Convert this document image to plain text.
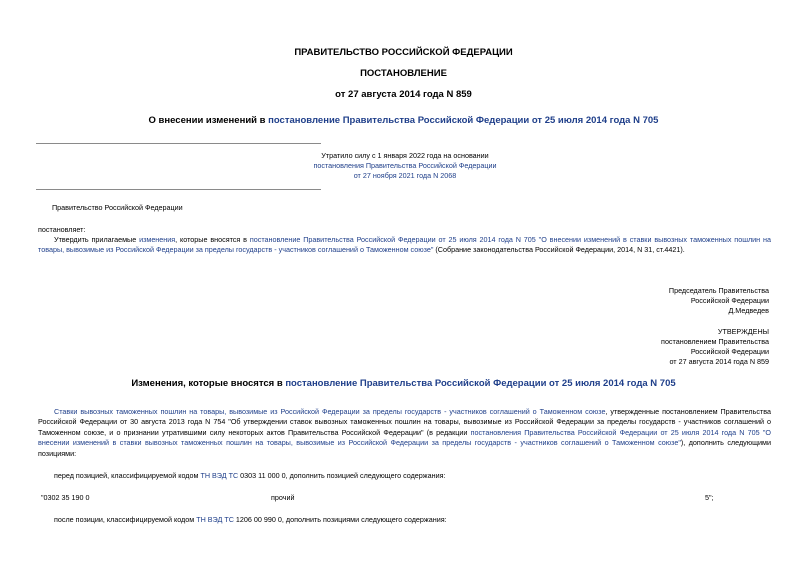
ПРАВИТЕЛЬСТВО РОССИЙСКОЙ ФЕДЕРАЦИИ
ПОСТАНОВЛЕНИЕ
от 27 августа 2014 года N 859
О внесении изменений в постановление Правительства Российской Федерации от 25 июля 2014 года N 705
Утратило силу с 1 января 2022 года на основании
постановления Правительства Российской Федерации
от 27 ноября 2021 года N 2068
Правительство Российской Федерации
постановляет:
Утвердить прилагаемые изменения, которые вносятся в постановление Правительства Российской Федерации от 25 июля 2014 года N 705 "О внесении изменений в ставки вывозных таможенных пошлин на товары, вывозимые из Российской Федерации за пределы государств - участников соглашений о Таможенном союзе" (Собрание законодательства Российской Федерации, 2014, N 31, ст.4421).
Председатель Правительства
Российской Федерации
Д.Медведев
УТВЕРЖДЕНЫ
постановлением Правительства
Российской Федерации
от 27 августа 2014 года N 859
Изменения, которые вносятся в постановление Правительства Российской Федерации от 25 июля 2014 года N 705
Ставки вывозных таможенных пошлин на товары, вывозимые из Российской Федерации за пределы государств - участников соглашений о Таможенном союзе, утвержденные постановлением Правительства Российской Федерации от 30 августа 2013 года N 754 "Об утверждении ставок вывозных таможенных пошлин на товары, вывозимые из Российской Федерации за пределы государств - участников соглашений о Таможенном союзе, и о признании утратившими силу некоторых актов Правительства Российской Федерации" (в редакции постановления Правительства Российской Федерации от 25 июля 2014 года N 705 "О внесении изменений в ставки вывозных таможенных пошлин на товары, вывозимые из Российской Федерации за пределы государств - участников соглашений о Таможенном союзе"), дополнить следующими позициями:
перед позицией, классифицируемой кодом ТН ВЭД ТС 0303 11 000 0, дополнить позицией следующего содержания:
"0302 35 190 0	прочий	5";
после позиции, классифицируемой кодом ТН ВЭД ТС 1206 00 990 0, дополнить позициями следующего содержания:
